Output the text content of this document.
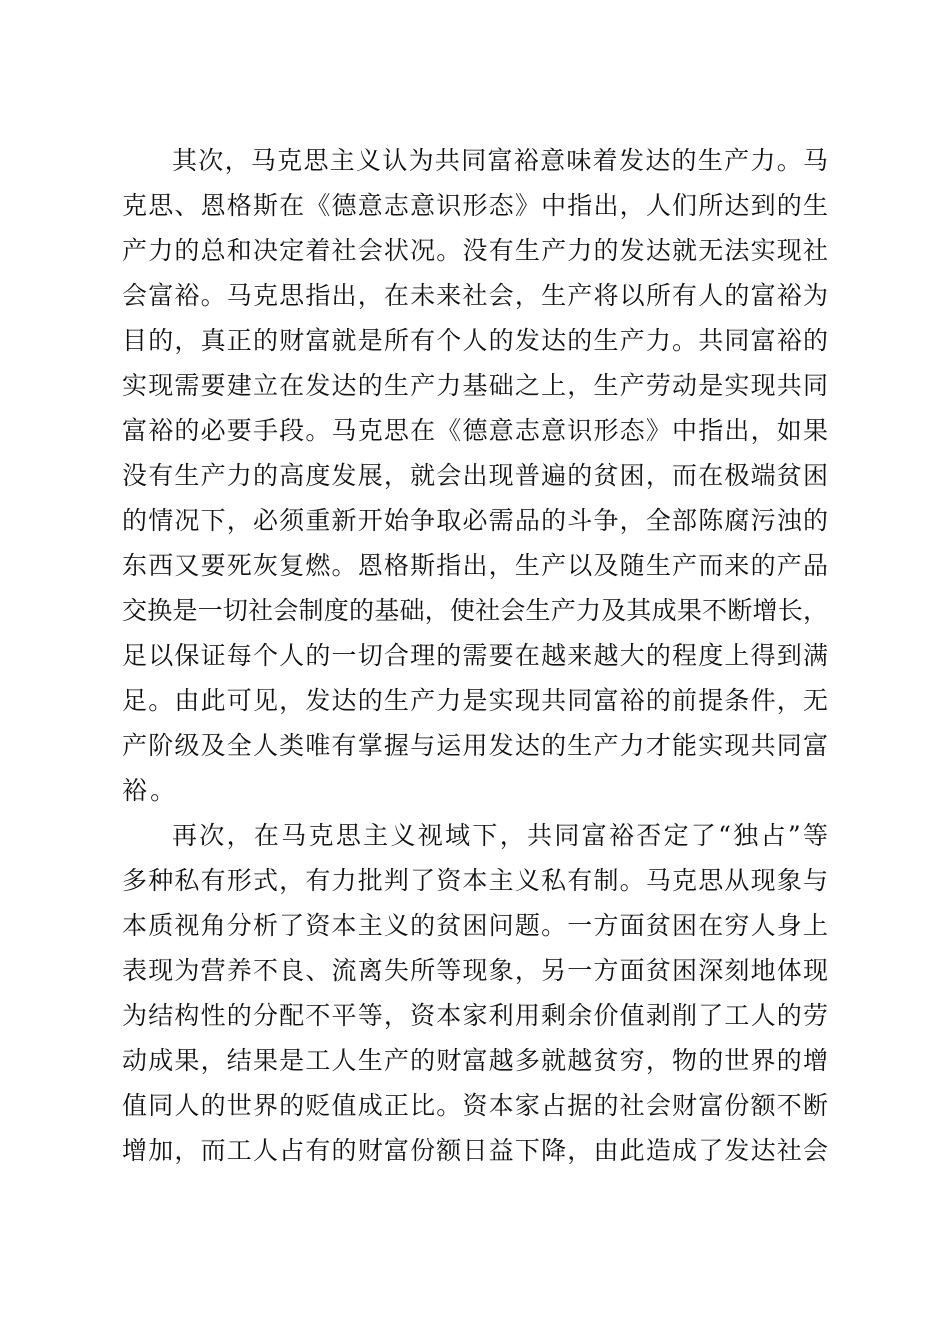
其次，马克思主义认为共同富裕意味着发达的生产力。马
克思、恩格斯在《德意志意识形态》中指出，人们所达到的生
产力的总和决定着社会状况。没有生产力的发达就无法实现社
会富裕。马克思指出，在未来社会，生产将以所有人的富裕为
目的，真正的财富就是所有个人的发达的生产力。共同富裕的
实现需要建立在发达的生产力基础之上，生产劳动是实现共同
富裕的必要手段。马克思在《德意志意识形态》中指出，如果
没有生产力的高度发展，就会出现普遍的贫困，而在极端贫困
的情况下，必须重新开始争取必需品的斗争，全部陈腐污浊的
东西又要死灰复燃。恩格斯指出，生产以及随生产而来的产品
交换是一切社会制度的基础，使社会生产力及其成果不断增长，
足以保证每个人的一切合理的需要在越来越大的程度上得到满
足。由此可见，发达的生产力是实现共同富裕的前提条件，无
产阶级及全人类唯有掌握与运用发达的生产力才能实现共同富
裕。
再次，在马克思主义视域下，共同富裕否定了“独占”等
多种私有形式，有力批判了资本主义私有制。马克思从现象与
本质视角分析了资本主义的贫困问题。一方面贫困在穷人身上
表现为营养不良、流离失所等现象，另一方面贫困深刻地体现
为结构性的分配不平等，资本家利用剩余价值剥削了工人的劳
动成果，结果是工人生产的财富越多就越贫穷，物的世界的增
值同人的世界的贬值成正比。资本家占据的社会财富份额不断
增加，而工人占有的财富份额日益下降，由此造成了发达社会
